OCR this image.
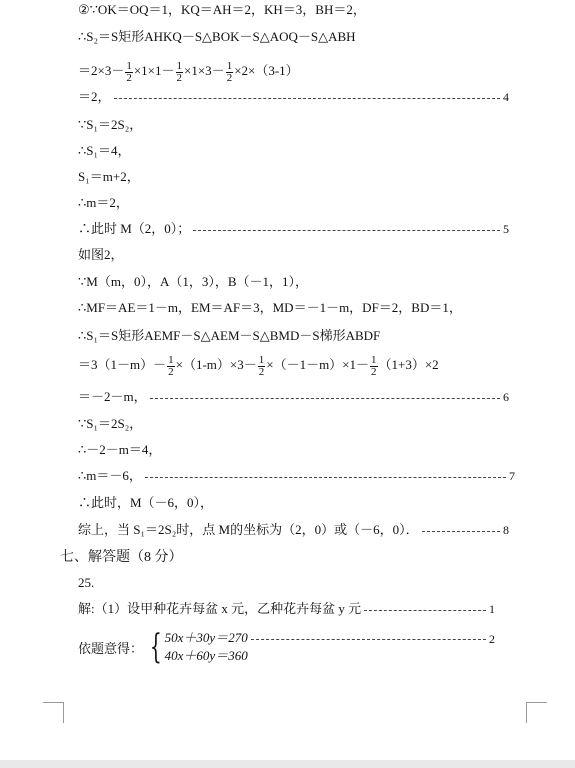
②∵OK＝OQ＝1，KQ＝AH＝2，KH＝3，BH＝2，
∴S₂＝S矩形AHKQ－S△BOK－S△AOQ－S△ABH
$=2\times 3- \frac{1}{2} \times 1\times 1- \frac{1}{2} \times 1\times 3- \frac{1}{2} \times 2\times(3-1)$
＝2，	4
∵S₁＝2S₂，
∴S₁＝4，
S₁＝m+2，
∴m＝2，
∴此时 M（2，0）；	5
如图2，
∵M（m，0），A（1，3），B（－1，1），
∴MF＝AE＝1－m，EM＝AF＝3，MD＝－1－m，DF＝2，BD＝1，
∴S₁＝S矩形AEMF－S△AEM－S△BMD－S梯形ABDF
$=3(1-m)- \frac{1}{2} \times(1-m)\times 3- \frac{1}{2} \times(-1-m)\times 1- \frac{1}{2} (1+3)\times 2$
＝－2－m，	6
∵S₁＝2S₂，
∴－2－m＝4，
∴m＝－6，	7
∴此时，M（－6，0），
综上，当 S₁＝2S₂时，点 M的坐标为（2，0）或（－6，0）．	8
七、解答题（8 分）
25.
解:（1）设甲种花卉每盆 x 元，乙种花卉每盆 y 元	1
依题意得： { 50x＋30y＝270
40x＋60y＝360
2
